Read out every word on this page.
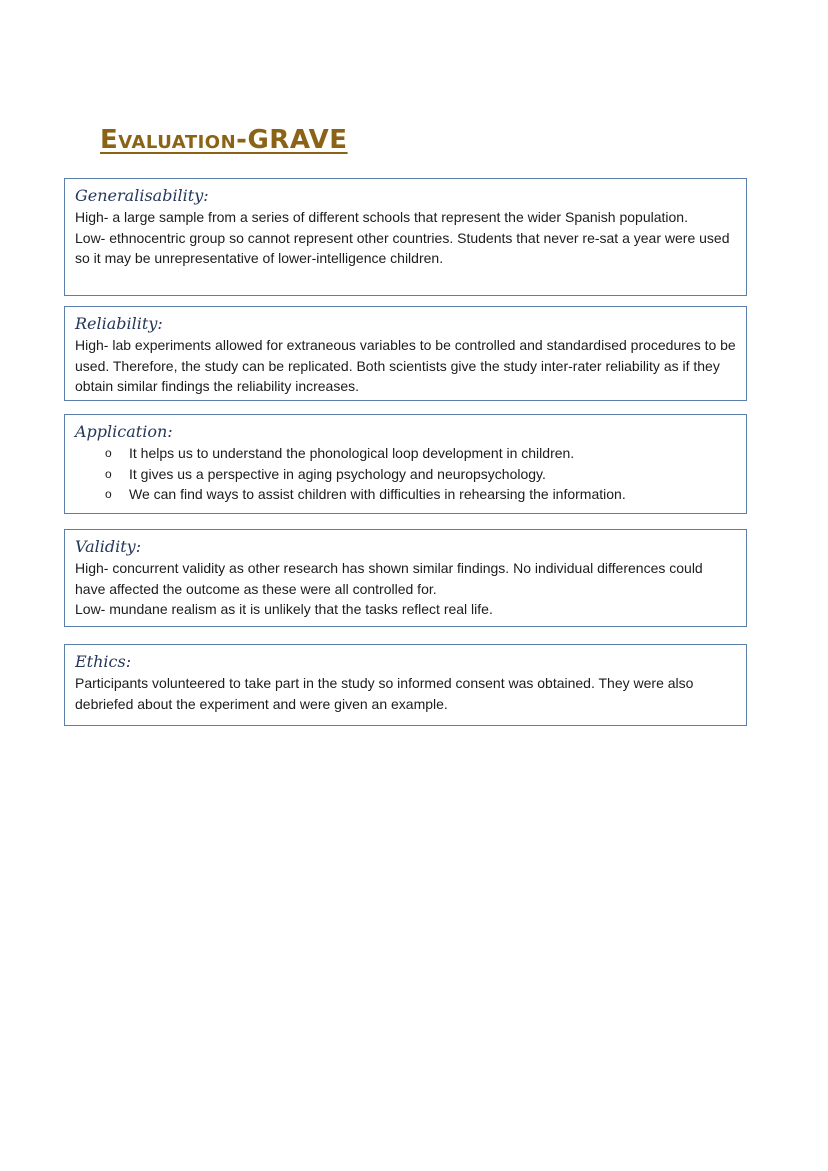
Evaluation-GRAVE
Generalisability:

High- a large sample from a series of different schools that represent the wider Spanish population.

Low- ethnocentric group so cannot represent other countries. Students that never re-sat a year were used so it may be unrepresentative of lower-intelligence children.

Reliability:

High- lab experiments allowed for extraneous variables to be controlled and standardised procedures to be used. Therefore, the study can be replicated. Both scientists give the study inter-rater reliability as if they obtain similar findings the reliability increases.

Application:
o It helps us to understand the phonological loop development in children.
o It gives us a perspective in aging psychology and neuropsychology.
o We can find ways to assist children with difficulties in rehearsing the information.
Validity:

High- concurrent validity as other research has shown similar findings. No individual differences could have affected the outcome as these were all controlled for.

Low- mundane realism as it is unlikely that the tasks reflect real life.

Ethics:

Participants volunteered to take part in the study so informed consent was obtained. They were also debriefed about the experiment and were given an example.
